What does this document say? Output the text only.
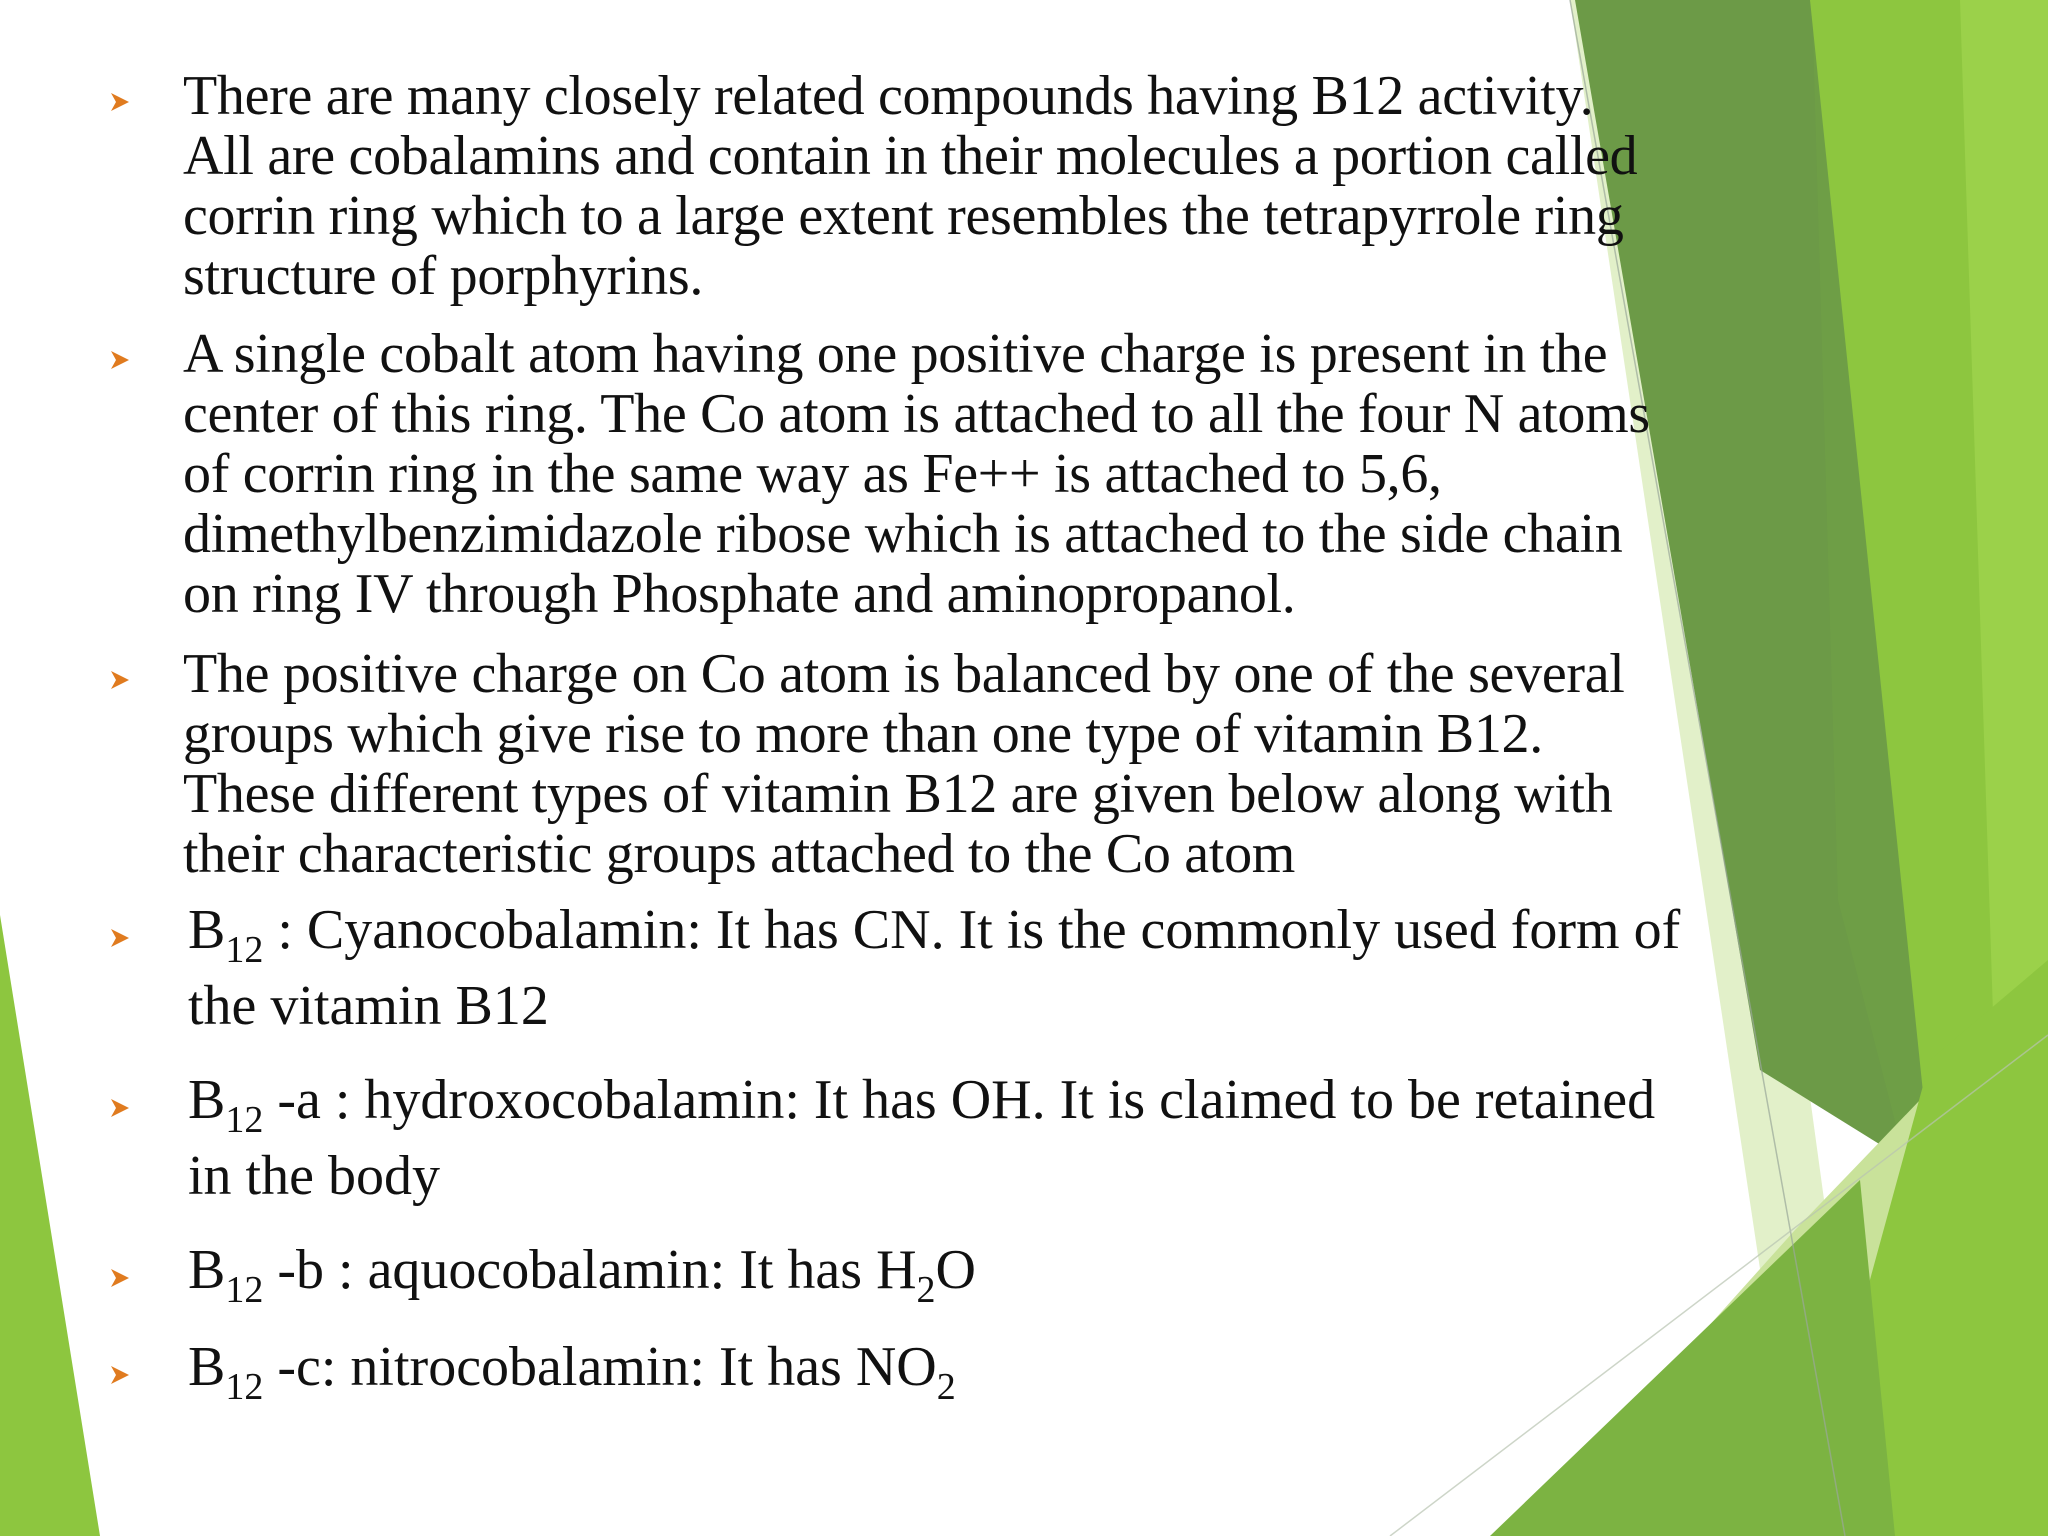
There are many closely related compounds having B12 activity.
All are cobalamins and contain in their molecules a portion called
corrin ring which to a large extent resembles the tetrapyrrole ring
structure of porphyrins.
A single cobalt atom having one positive charge is present in the
center of this ring. The Co atom is attached to all the four N atoms
of corrin ring in the same way as Fe++ is attached to 5,6,
dimethylbenzimidazole ribose which is attached to the side chain
on ring IV through Phosphate and aminopropanol.
The positive charge on Co atom is balanced by one of the several
groups which give rise to more than one type of vitamin B12.
These different types of vitamin B12 are given below along with
their characteristic groups attached to the Co atom
$B_{12}$ : Cyanocobalamin: It has CN. It is the commonly used form of
the vitamin B12
$B_{12}$ -a : hydroxocobalamin: It has OH. It is claimed to be retained
in the body
$B_{12}$ -b : aquocobalamin: It has $H_2O$
$B_{12}$ -c: nitrocobalamin: It has $NO_2$
